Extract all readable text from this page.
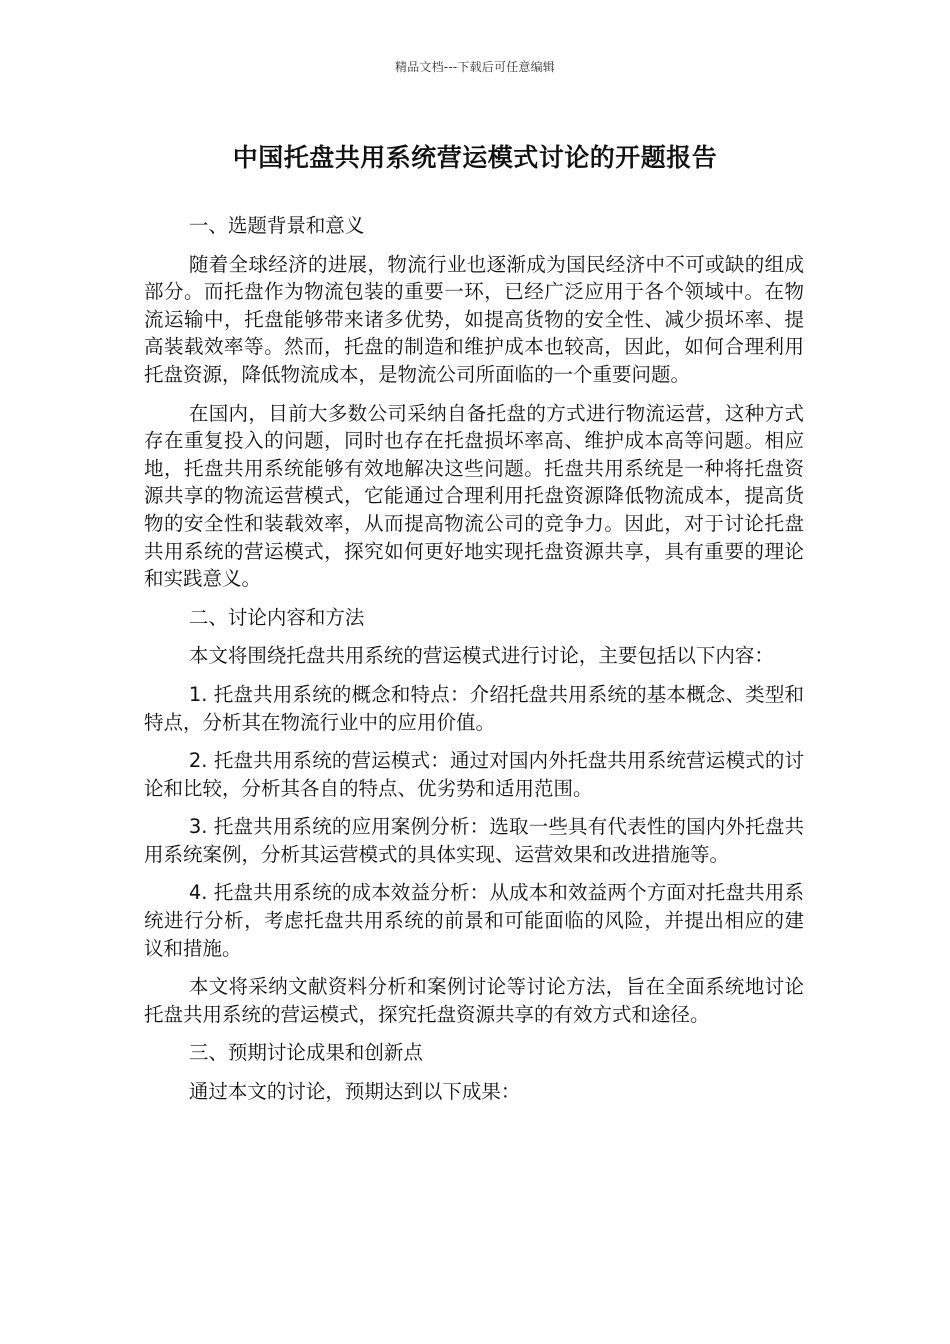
精品文档---下载后可任意编辑
中国托盘共用系统营运模式讨论的开题报告

一、选题背景和意义

随着全球经济的进展，物流行业也逐渐成为国民经济中不可或缺的组成部分。而托盘作为物流包装的重要一环，已经广泛应用于各个领域中。在物流运输中，托盘能够带来诸多优势，如提高货物的安全性、减少损坏率、提高装载效率等。然而，托盘的制造和维护成本也较高，因此，如何合理利用托盘资源，降低物流成本，是物流公司所面临的一个重要问题。

在国内，目前大多数公司采纳自备托盘的方式进行物流运营，这种方式存在重复投入的问题，同时也存在托盘损坏率高、维护成本高等问题。相应地，托盘共用系统能够有效地解决这些问题。托盘共用系统是一种将托盘资源共享的物流运营模式，它能通过合理利用托盘资源降低物流成本，提高货物的安全性和装载效率，从而提高物流公司的竞争力。因此，对于讨论托盘共用系统的营运模式，探究如何更好地实现托盘资源共享，具有重要的理论和实践意义。

二、讨论内容和方法

本文将围绕托盘共用系统的营运模式进行讨论，主要包括以下内容：

1. 托盘共用系统的概念和特点：介绍托盘共用系统的基本概念、类型和特点，分析其在物流行业中的应用价值。

2. 托盘共用系统的营运模式：通过对国内外托盘共用系统营运模式的讨论和比较，分析其各自的特点、优劣势和适用范围。

3. 托盘共用系统的应用案例分析：选取一些具有代表性的国内外托盘共用系统案例，分析其运营模式的具体实现、运营效果和改进措施等。

4. 托盘共用系统的成本效益分析：从成本和效益两个方面对托盘共用系统进行分析，考虑托盘共用系统的前景和可能面临的风险，并提出相应的建议和措施。

本文将采纳文献资料分析和案例讨论等讨论方法，旨在全面系统地讨论托盘共用系统的营运模式，探究托盘资源共享的有效方式和途径。

三、预期讨论成果和创新点

通过本文的讨论，预期达到以下成果：
